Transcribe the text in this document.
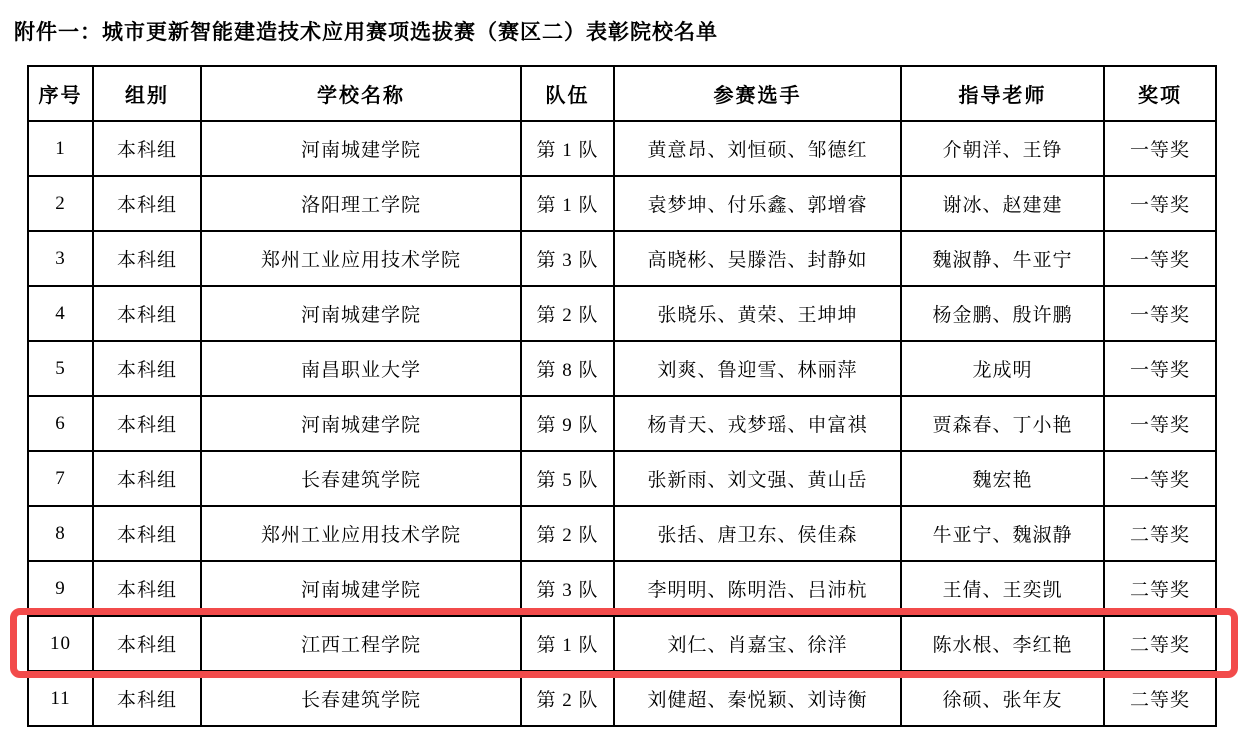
附件一：城市更新智能建造技术应用赛项选拔赛（赛区二）表彰院校名单
序号	组别	学校名称	队伍	参赛选手	指导老师	奖项
1	本科组	河南城建学院	第 1 队	黄意昂、刘恒硕、邹德红	介朝洋、王铮	一等奖
2	本科组	洛阳理工学院	第 1 队	袁梦坤、付乐鑫、郭增睿	谢冰、赵建建	一等奖
3	本科组	郑州工业应用技术学院	第 3 队	高晓彬、吴滕浩、封静如	魏淑静、牛亚宁	一等奖
4	本科组	河南城建学院	第 2 队	张晓乐、黄荣、王坤坤	杨金鹏、殷许鹏	一等奖
5	本科组	南昌职业大学	第 8 队	刘爽、鲁迎雪、林丽萍	龙成明	一等奖
6	本科组	河南城建学院	第 9 队	杨青天、戎梦瑶、申富祺	贾森春、丁小艳	一等奖
7	本科组	长春建筑学院	第 5 队	张新雨、刘文强、黄山岳	魏宏艳	一等奖
8	本科组	郑州工业应用技术学院	第 2 队	张括、唐卫东、侯佳森	牛亚宁、魏淑静	二等奖
9	本科组	河南城建学院	第 3 队	李明明、陈明浩、吕沛杭	王倩、王奕凯	二等奖
10	本科组	江西工程学院	第 1 队	刘仁、肖嘉宝、徐洋	陈水根、李红艳	二等奖
11	本科组	长春建筑学院	第 2 队	刘健超、秦悦颖、刘诗衡	徐硕、张年友	二等奖
